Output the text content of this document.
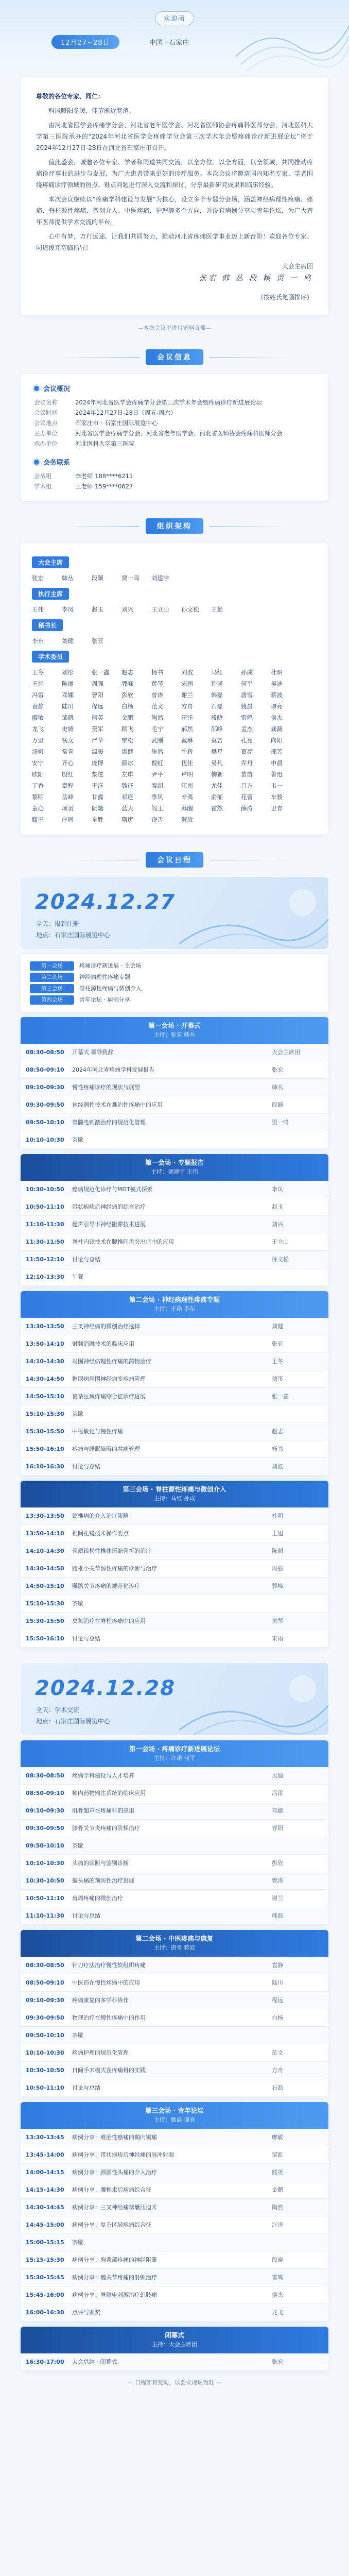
欢迎函
12月27~28日	中国 · 石家庄

尊敬的各位专家、同仁：

科风暖阳冬暖，佳节渐近寒消。

由河北省医学会疼痛学分会、河北省老年医学会、河北省医师协会疼痛科医师分会，河北医科大学第三医院承办的“2024年河北省医学会疼痛学分会第三次学术年会暨疼痛诊疗新进展论坛”将于2024年12月27日-28日在河北省石家庄市召开。

值此盛会，诚邀各位专家、学者和同道共同交流，以全方位、以全方面，以全领域，共同推动疼痛诊疗事业的进步与发展，为广大患者带来更好的诊疗服务。本次会议将邀请国内知名专家、学者围绕疼痛诊疗领域的热点、难点问题进行深入交流和探讨，分享最新研究成果和临床经验。

本次会议继续以“疼痛学科建设与发展”为核心，设立多个专题分会场，涵盖神经病理性疼痛、癌痛、脊柱源性疼痛、微创介入、中医疼痛、护理等多个方向，并设有病例分享与青年论坛，为广大青年医师提供学术交流的平台。

心中有梦，方行远途。让我们共同努力，推动河北省疼痛医学事业迈上新台阶！欢迎各位专家、同道拨冗莅临指导！

大会主席团
张宏 韩 丛 段 颖 贾 一 鸣
（按姓氏笔画排序）
—本次会议不进行饲料直播—
会议信息
会议概况
会议名称	2024年河北省医学会疼痛学分会第三次学术年会暨疼痛诊疗新进展论坛
会议时间	2024年12月27日-28日（周五-周六）
会议地点	石家庄市 · 石家庄国际展览中心
主办单位	河北省医学会疼痛学分会、河北省老年医学会、河北省医师协会疼痛科医师分会
承办单位	河北医科大学第三医院
会务联系
会务组	李老师 188****6211
学术组	王老师 159****0627
组织架构
大会主席
张宏	韩丛	段颖	贾一鸣	刘建宇
执行主席
王伟	李凤	赵玉	刘兴	王立山	孙文松	王艳
秘书长
李东	刘健	张亚
学术委员
王冬	刘彤	张一鑫	赵志	杨书	刘波	马红	孙成	杜明
王旭	陈丽	周强	郭峰	黄琴	宋雨	许诺	何平	吴迪
冯雷	邓娜	曹阳	彭欣	曾涛	谢兰	韩磊	唐雪	蒋波
袁静	陆川	程远	白杨	范文	方舟	石磊	姚晨	谭亮
廖敏	邹凯	熊英	金鹏	陶然	汪洋	段晓	雷鸣	侯杰
龙飞	史婧	贺军	顾飞	毛宁	郝然	邵峰	孟杰	龚薇
万里	钱文	严华	覃松	武刚	戴琳	莫言	孔亮	向阳
汤姆	常青	温暖	康健	施然	牛犇	樊星	葛亮	邢芳
安宁	齐心	庞博	颜冰	倪虹	伍佳	易凡	乔丹	申晨
欧阳	殷红	柴进	左岸	尹平	卢明	柳絮	苗苗	鲁迅
丁香	章程	于洋	魏征	秦朗	江南	尤佳	吕方	韦一
黎明	岳峰	甘露	祁连	季风	辛夷	俞丽	花蕾	车骏
童心	项羽	阮籍	蓝天	阎王	苏醒	霍然	薛涛	卫青
滕王	庄周	全胜	隋唐	饶舌	解放
会议日程
2024.12.27
全天：报到注册
地点：石家庄国际展览中心
第一会场	疼痛诊疗新进展 · 主会场
第二会场	神经病理性疼痛专题
第三会场	脊柱源性疼痛与微创介入
第四会场	青年论坛 · 病例分享
第一会场 · 开幕式
主持：张宏 韩丛
08:30-08:50	开幕式 领导致辞	大会主席团
08:50-09:10	2024年河北省疼痛学科发展报告	张宏
09:10-09:30	慢性疼痛诊疗的现状与展望	韩丛
09:30-09:50	神经调控技术在难治性疼痛中的应用	段颖
09:50-10:10	脊髓电刺激治疗的规范化管理	贾一鸣
10:10-10:30	茶歇
第一会场 · 专题报告
主持：刘建宇 王伟
10:30-10:50	癌痛规范化诊疗与MDT模式探索	李凤
10:50-11:10	带状疱疹后神经痛的综合治疗	赵玉
11:10-11:30	超声引导下神经阻滞技术进展	刘兴
11:30-11:50	脊柱内镜技术在腰椎间盘突出症中的应用	王立山
11:50-12:10	讨论与总结	孙文松
12:10-13:30	午餐
第二会场 · 神经病理性疼痛专题
主持：王艳 李东
13:30-13:50	三叉神经痛的微创治疗选择	刘健
13:50-14:10	射频消融技术的临床应用	张亚
14:10-14:30	周围神经病理性疼痛的药物治疗	王冬
14:30-14:50	糖尿病周围神经病变疼痛管理	刘彤
14:50-15:10	复杂区域疼痛综合征诊疗进展	张一鑫
15:10-15:30	茶歇
15:30-15:50	中枢敏化与慢性疼痛	赵志
15:50-16:10	疼痛与睡眠障碍的共病管理	杨书
16:10-16:30	讨论与总结	刘波
第三会场 · 脊柱源性疼痛与微创介入
主持：马红 孙成
13:30-13:50	颈椎病的介入治疗策略	杜明
13:50-14:10	椎间孔镜技术操作要点	王旭
14:10-14:30	骨质疏松性椎体压缩骨折的治疗	陈丽
14:30-14:50	腰椎小关节源性疼痛的诊断与治疗	周强
14:50-15:10	骶髂关节疼痛的规范化诊疗	郭峰
15:10-15:30	茶歇
15:30-15:50	臭氧治疗在脊柱疼痛中的应用	黄琴
15:50-16:10	讨论与总结	宋雨
2024.12.28
全天：学术交流
地点：石家庄国际展览中心
第一会场 · 疼痛诊疗新进展论坛
主持：许诺 何平
08:30-08:50	疼痛学科建设与人才培养	吴迪
08:50-09:10	鞘内药物输注系统的临床应用	冯雷
09:10-09:30	肌骨超声在疼痛科的应用	邓娜
09:30-09:50	膝骨关节炎疼痛的阶梯治疗	曹阳
09:50-10:10	茶歇
10:10-10:30	头痛的诊断与鉴别诊断	彭欣
10:30-10:50	偏头痛的预防性治疗进展	曾涛
10:50-11:10	肩周疼痛的微创治疗	谢兰
11:10-11:30	讨论与总结	韩磊
第二会场 · 中医疼痛与康复
主持：唐雪 蒋波
08:30-08:50	针刀疗法治疗慢性软组织疼痛	袁静
08:50-09:10	中医药在慢性疼痛中的应用	陆川
09:10-09:30	疼痛康复的多学科协作	程远
09:30-09:50	物理治疗在慢性疼痛中的作用	白杨
09:50-10:10	茶歇
10:10-10:30	疼痛护理的规范化管理	范文
10:30-10:50	日间手术模式在疼痛科的实践	方舟
10:50-11:10	讨论与总结	石磊
第三会场 · 青年论坛
主持：姚晨 谭亮
13:30-13:45	病例分享：难治性癌痛的鞘内镇痛	廖敏
13:45-14:00	病例分享：带状疱疹后神经痛的脉冲射频	邹凯
14:00-14:15	病例分享：颈源性头痛的介入治疗	熊英
14:15-14:30	病例分享：腰椎术后疼痛综合征	金鹏
14:30-14:45	病例分享：三叉神经痛球囊压迫术	陶然
14:45-15:00	病例分享：复杂区域疼痛综合征	汪洋
15:00-15:15	茶歇
15:15-15:30	病例分享：胸背部疼痛的神经阻滞	段晓
15:30-15:45	病例分享：髋关节疼痛的射频治疗	雷鸣
15:45-16:00	病例分享：脊髓电刺激治疗幻肢痛	侯杰
16:00-16:30	点评与颁奖	龙飞
闭幕式
主持：大会主席团
16:30-17:00	大会总结 · 闭幕式	张宏
— 日程如有变动，以会议现场为准 —
